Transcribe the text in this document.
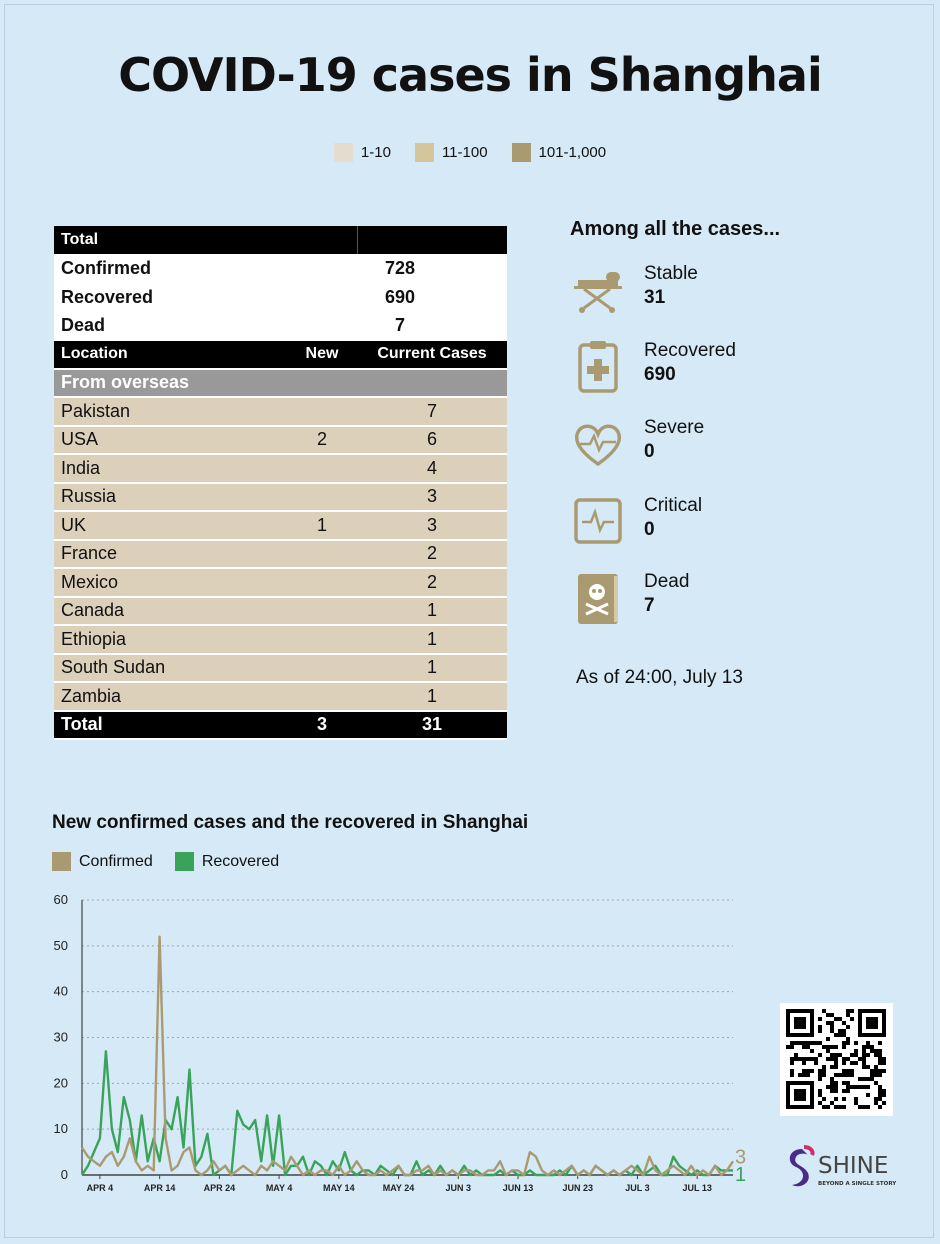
COVID-19 cases in Shanghai
1-10	11-100	101-1,000
Total		
Confirmed		728
Recovered		690
Dead		7
Location	New	Current Cases
From overseas		
Pakistan		7
USA	2	6
India		4
Russia		3
UK	1	3
France		2
Mexico		2
Canada		1
Ethiopia		1
South Sudan		1
Zambia		1
Total	3	31
Among all the cases...
Stable
31
Recovered
690
Severe
0
Critical
0
Dead
7
As of 24:00, July 13
New confirmed cases and the recovered in Shanghai
Confirmed	Recovered
0
10
20
30
40
50
60
APR 4	APR 14	APR 24	MAY 4	MAY 14	MAY 24	JUN 3	JUN 13	JUN 23	JUL 3	JUL 13
3
1	SHINE
BEYOND A SINGLE STORY
